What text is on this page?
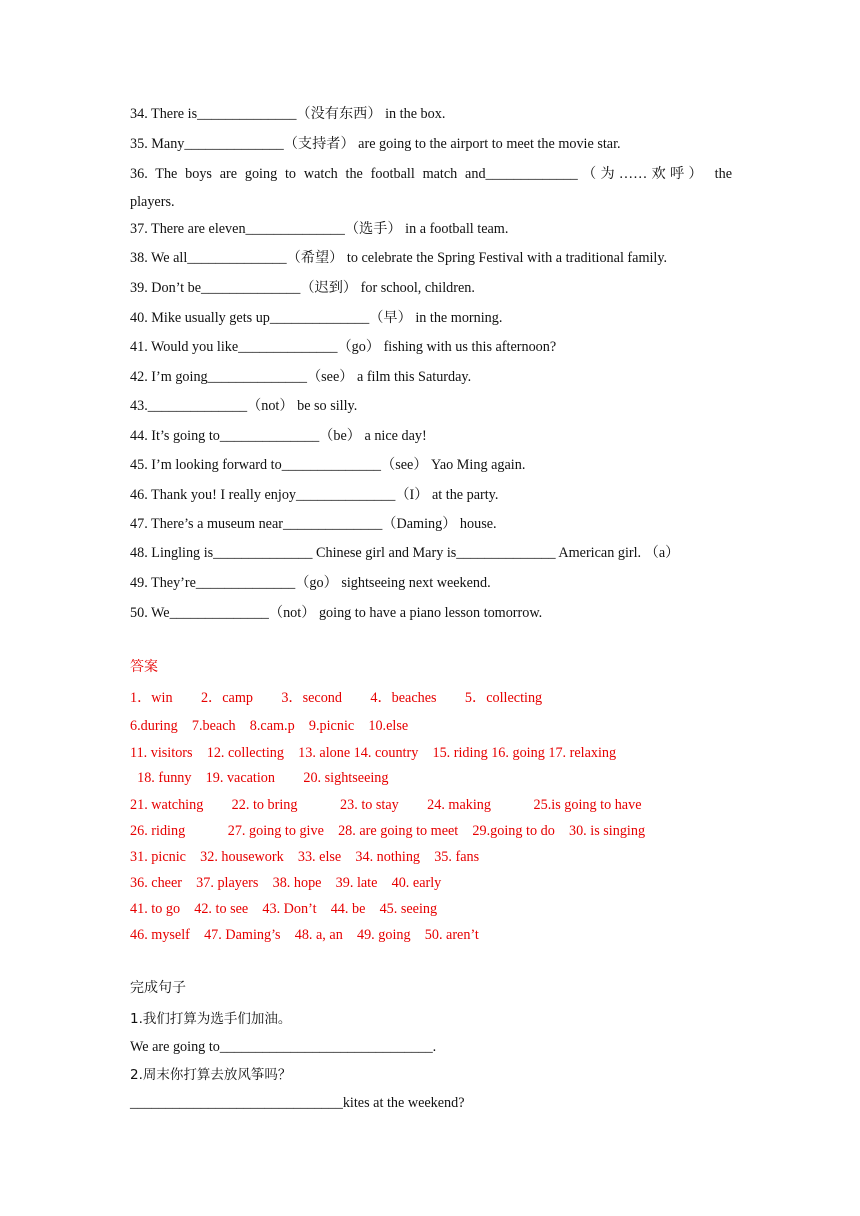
34. There is______________（没有东西） in the box.
35. Many______________（支持者） are going to the airport to meet the movie star.
36. The boys are going to watch the football match and_____________（为……欢呼） the
players.
37. There are eleven______________（选手） in a football team.
38. We all______________（希望） to celebrate the Spring Festival with a traditional family.
39. Don’t be______________（迟到） for school, children.
40. Mike usually gets up______________（早） in the morning.
41. Would you like______________（go） fishing with us this afternoon?
42. I’m going______________（see） a film this Saturday.
43.______________（not） be so silly.
44. It’s going to______________（be） a nice day!
45. I’m looking forward to______________（see） Yao Ming again.
46. Thank you! I really enjoy______________（I） at the party.
47. There’s a museum near______________（Daming） house.
48. Lingling is______________ Chinese girl and Mary is______________ American girl. （a）
49. They’re______________（go） sightseeing next weekend.
50. We______________（not） going to have a piano lesson tomorrow.
答案
1．win　　2．camp　　3．second　　4．beaches　　5．collecting
6.during　7.beach　8.cam.p　9.picnic　10.else
11. visitors　12. collecting　13. alone 14. country　15. riding 16. going 17. relaxing
18. funny　19. vacation　　20. sightseeing
21. watching　　22. to bring　　　23. to stay　　24. making　　　25.is going to have
26. riding　　　27. going to give　28. are going to meet　29.going to do　30. is singing
31. picnic　32. housework　33. else　34. nothing　35. fans
36. cheer　37. players　38. hope　39. late　40. early
41. to go　42. to see　43. Don’t　44. be　45. seeing
46. myself　47. Daming’s　48. a, an　49. going　50. aren’t
完成句子
1.我们打算为选手们加油。
We are going to______________________________.
2.周末你打算去放风筝吗？
______________________________kites at the weekend?
